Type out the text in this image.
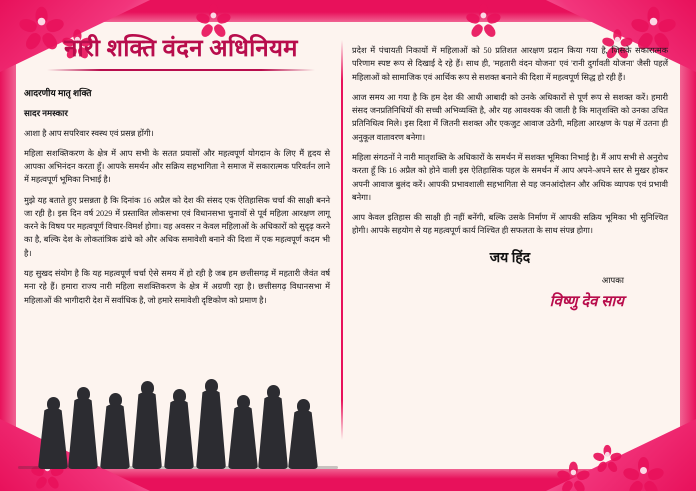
नारी शक्ति वंदन अधिनियम
आदरणीय मातृ शक्ति
सादर नमस्कार

आशा है आप सपरिवार स्वस्थ एवं प्रसन्न होंगी।

महिला सशक्तिकरण के क्षेत्र में आप सभी के सतत प्रयासों और महत्वपूर्ण योगदान के लिए मैं हृदय से आपका अभिनंदन करता हूँ। आपके समर्थन और सक्रिय सहभागिता ने समाज में सकारात्मक परिवर्तन लाने में महत्वपूर्ण भूमिका निभाई है।

मुझे यह बताते हुए प्रसन्नता है कि दिनांक 16 अप्रैल को देश की संसद एक ऐतिहासिक चर्चा की साक्षी बनने जा रही है। इस दिन वर्ष 2029 में प्रस्तावित लोकसभा एवं विधानसभा चुनावों से पूर्व महिला आरक्षण लागू करने के विषय पर महत्वपूर्ण विचार-विमर्श होगा। यह अवसर न केवल महिलाओं के अधिकारों को सुदृढ़ करने का है, बल्कि देश के लोकतांत्रिक ढांचे को और अधिक समावेशी बनाने की दिशा में एक महत्वपूर्ण कदम भी है।

यह सुखद संयोग है कि यह महत्वपूर्ण चर्चा ऐसे समय में हो रही है जब हम छत्तीसगढ़ में महतारी जैवंत वर्ष मना रहे हैं। हमारा राज्य नारी महिला सशक्तिकरण के क्षेत्र में अग्रणी रहा है। छत्तीसगढ़ विधानसभा में महिलाओं की भागीदारी देश में सर्वाधिक है, जो हमारे समावेशी दृष्टिकोण को प्रमाण है।

प्रदेश में पंचायती निकायों में महिलाओं को 50 प्रतिशत आरक्षण प्रदान किया गया है, जिसके सकारात्मक परिणाम स्पष्ट रूप से दिखाई दे रहे हैं। साथ ही, 'महतारी वंदन योजना' एवं 'रानी दुर्गावती योजना' जैसी पहलें महिलाओं को सामाजिक एवं आर्थिक रूप से सशक्त बनाने की दिशा में महत्वपूर्ण सिद्ध हो रही हैं।

आज समय आ गया है कि हम देश की आधी आबादी को उनके अधिकारों से पूर्ण रूप से सशक्त करें। हमारी संसद जनप्रतिनिधियों की सच्ची अभिव्यक्ति है, और यह आवश्यक की जाती है कि मातृशक्ति को उनका उचित प्रतिनिधित्व मिले। इस दिशा में जितनी सशक्त और एकजुट आवाज उठेगी, महिला आरक्षण के पक्ष में उतना ही अनुकूल वातावरण बनेगा।

महिला संगठनों ने नारी मातृशक्ति के अधिकारों के समर्थन में सशक्त भूमिका निभाई है। मैं आप सभी से अनुरोध करता हूँ कि 16 अप्रैल को होने वाली इस ऐतिहासिक पहल के समर्थन में आप अपने-अपने स्तर से मुखर होकर अपनी आवाज बुलंद करें। आपकी प्रभावशाली सहभागिता से यह जनआंदोलन और अधिक व्यापक एवं प्रभावी बनेगा।

आप केवल इतिहास की साक्षी ही नहीं बनेंगी, बल्कि उसके निर्माण में आपकी सक्रिय भूमिका भी सुनिश्चित होगी। आपके सहयोग से यह महत्वपूर्ण कार्य निश्चित ही सफलता के साथ संपन्न होगा।

जय हिंद
आपका
विष्णु देव साय
